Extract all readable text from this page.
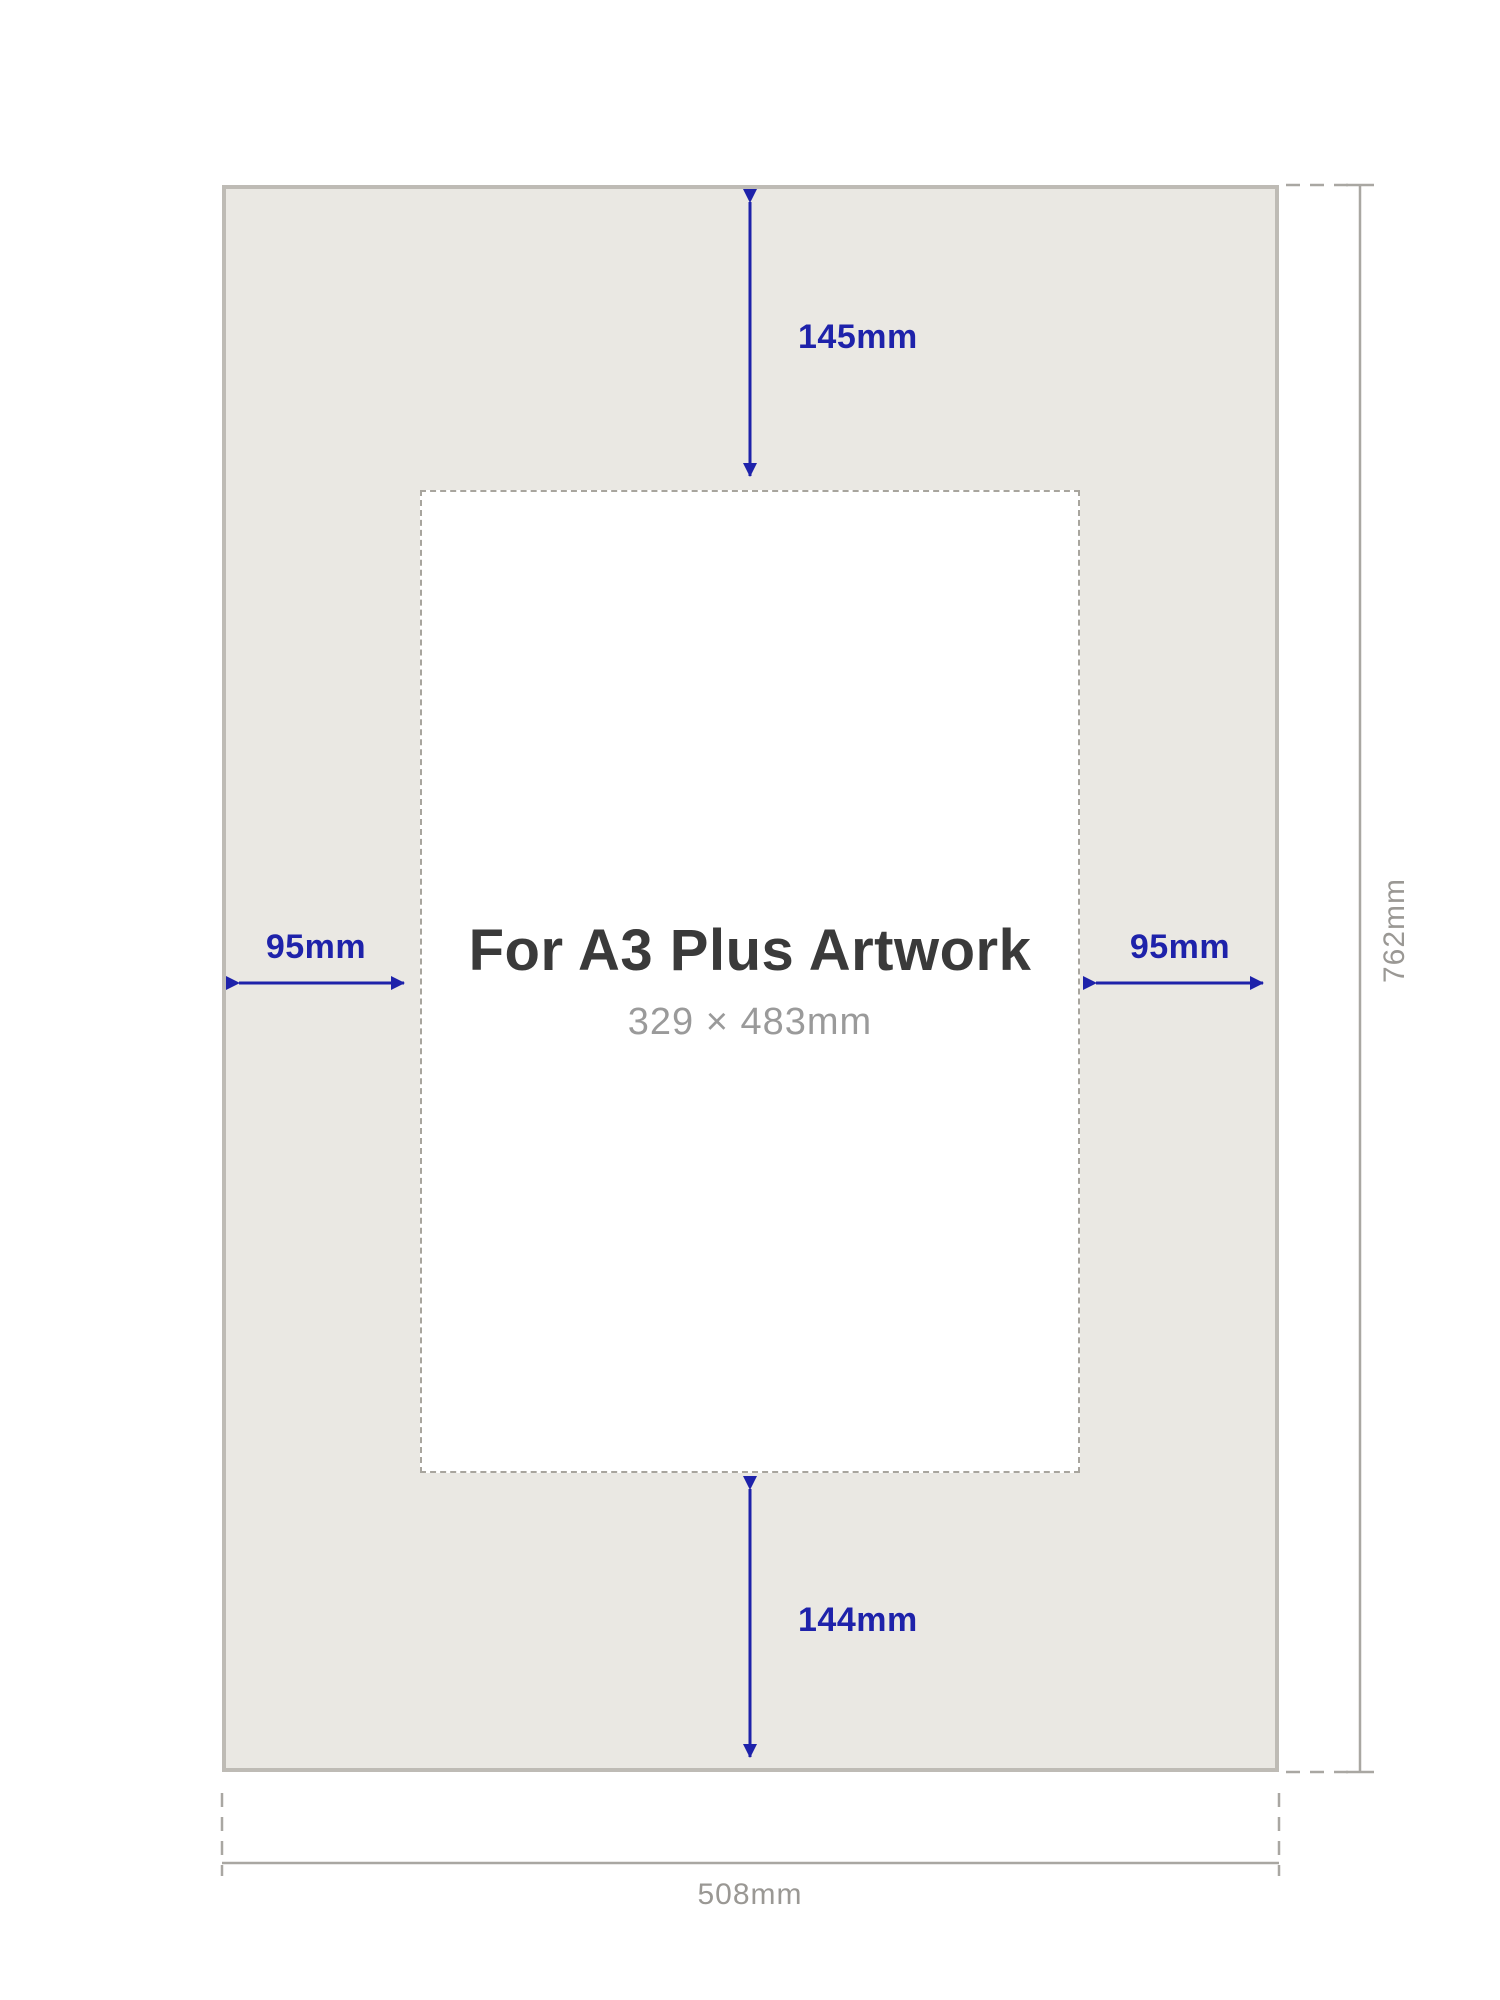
For A3 Plus Artwork
329 × 483mm
145mm
95mm	95mm
144mm
762mm
508mm
